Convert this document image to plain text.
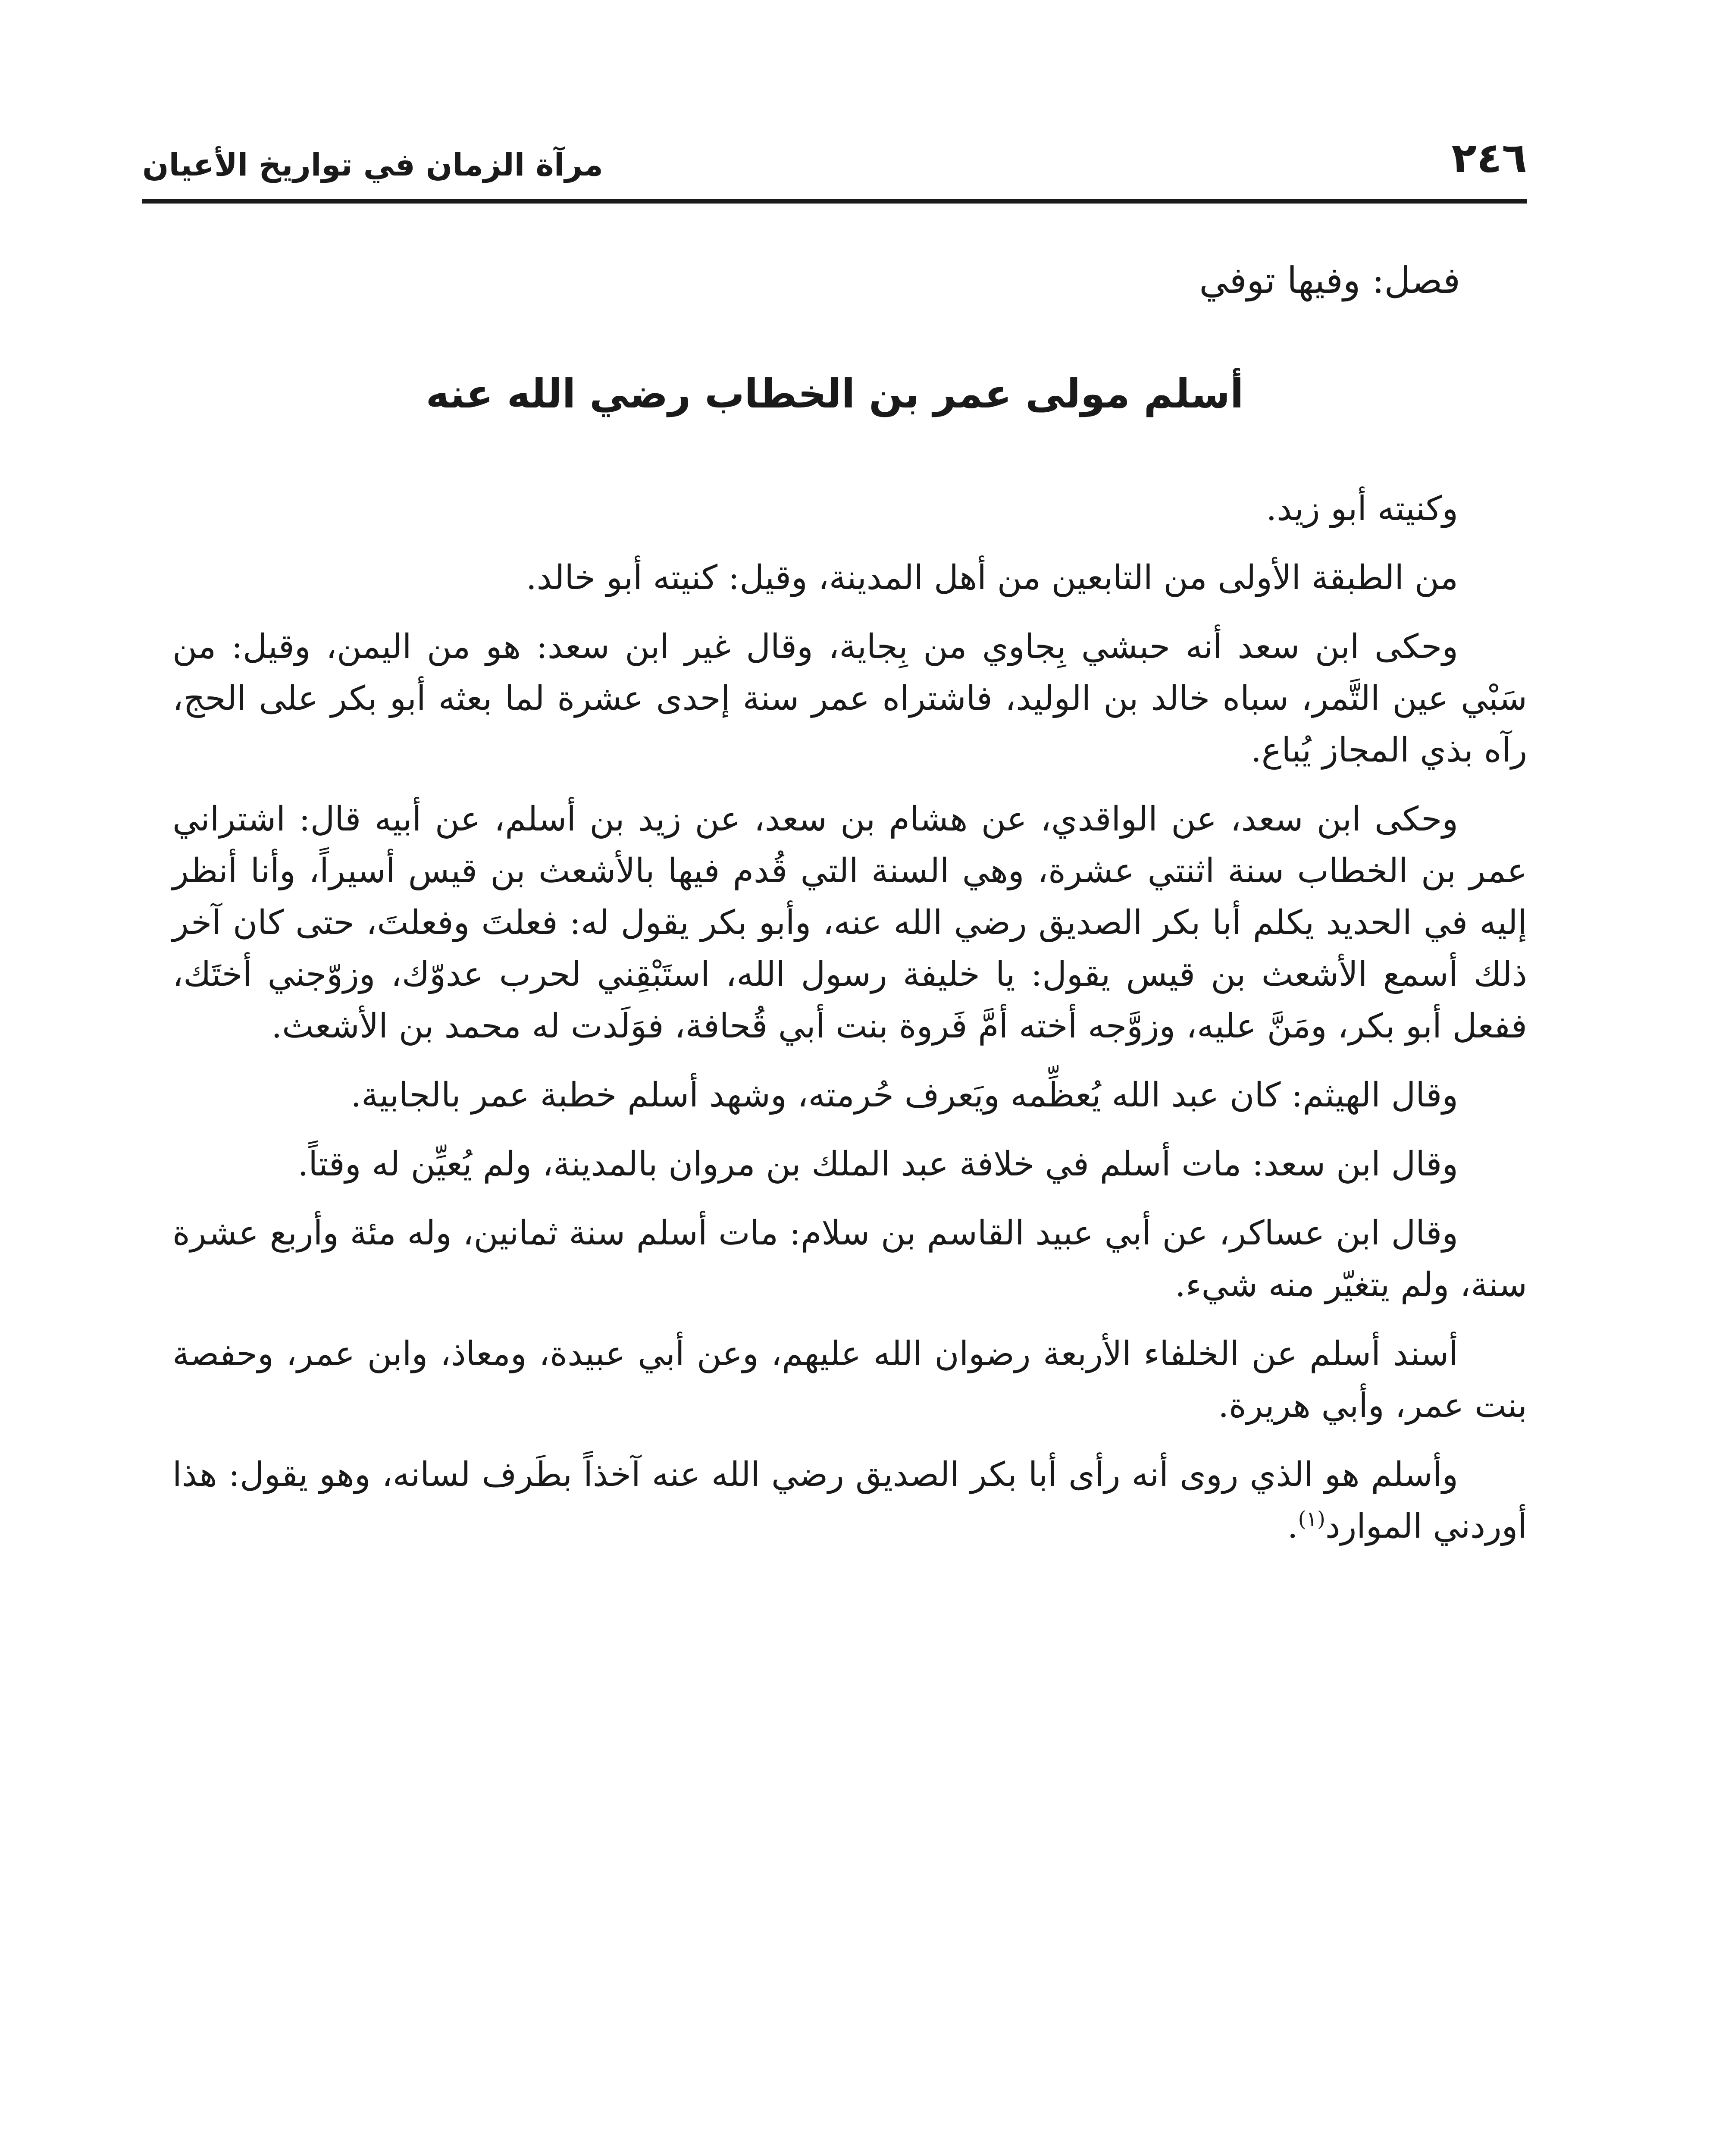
٢٤٦
مرآة الزمان في تواريخ الأعيان
فصل: وفيها توفي
أسلم مولى عمر بن الخطاب رضي الله عنه

وكنيته أبو زيد.

من الطبقة الأولى من التابعين من أهل المدينة، وقيل: كنيته أبو خالد.

وحكى ابن سعد أنه حبشي بِجاوي من بِجاية، وقال غير ابن سعد: هو من اليمن، وقيل: من سَبْي عين التَّمر، سباه خالد بن الوليد، فاشتراه عمر سنة إحدى عشرة لما بعثه أبو بكر على الحج، رآه بذي المجاز يُباع.

وحكى ابن سعد، عن الواقدي، عن هشام بن سعد، عن زيد بن أسلم، عن أبيه قال: اشتراني عمر بن الخطاب سنة اثنتي عشرة، وهي السنة التي قُدم فيها بالأشعث بن قيس أسيراً، وأنا أنظر إليه في الحديد يكلم أبا بكر الصديق رضي الله عنه، وأبو بكر يقول له: فعلتَ وفعلتَ، حتى كان آخر ذلك أسمع الأشعث بن قيس يقول: يا خليفة رسول الله، استَبْقِني لحرب عدوّك، وزوّجني أختَك، ففعل أبو بكر، ومَنَّ عليه، وزوَّجه أخته أمَّ فَروة بنت أبي قُحافة، فوَلَدت له محمد بن الأشعث.

وقال الهيثم: كان عبد الله يُعظِّمه ويَعرف حُرمته، وشهد أسلم خطبة عمر بالجابية.

وقال ابن سعد: مات أسلم في خلافة عبد الملك بن مروان بالمدينة، ولم يُعيِّن له وقتاً.

وقال ابن عساكر، عن أبي عبيد القاسم بن سلام: مات أسلم سنة ثمانين، وله مئة وأربع عشرة سنة، ولم يتغيّر منه شيء.

أسند أسلم عن الخلفاء الأربعة رضوان الله عليهم، وعن أبي عبيدة، ومعاذ، وابن عمر، وحفصة بنت عمر، وأبي هريرة.

وأسلم هو الذي روى أنه رأى أبا بكر الصديق رضي الله عنه آخذاً بطَرف لسانه، وهو يقول: هذا أوردني الموارد$^{(١)}$.
